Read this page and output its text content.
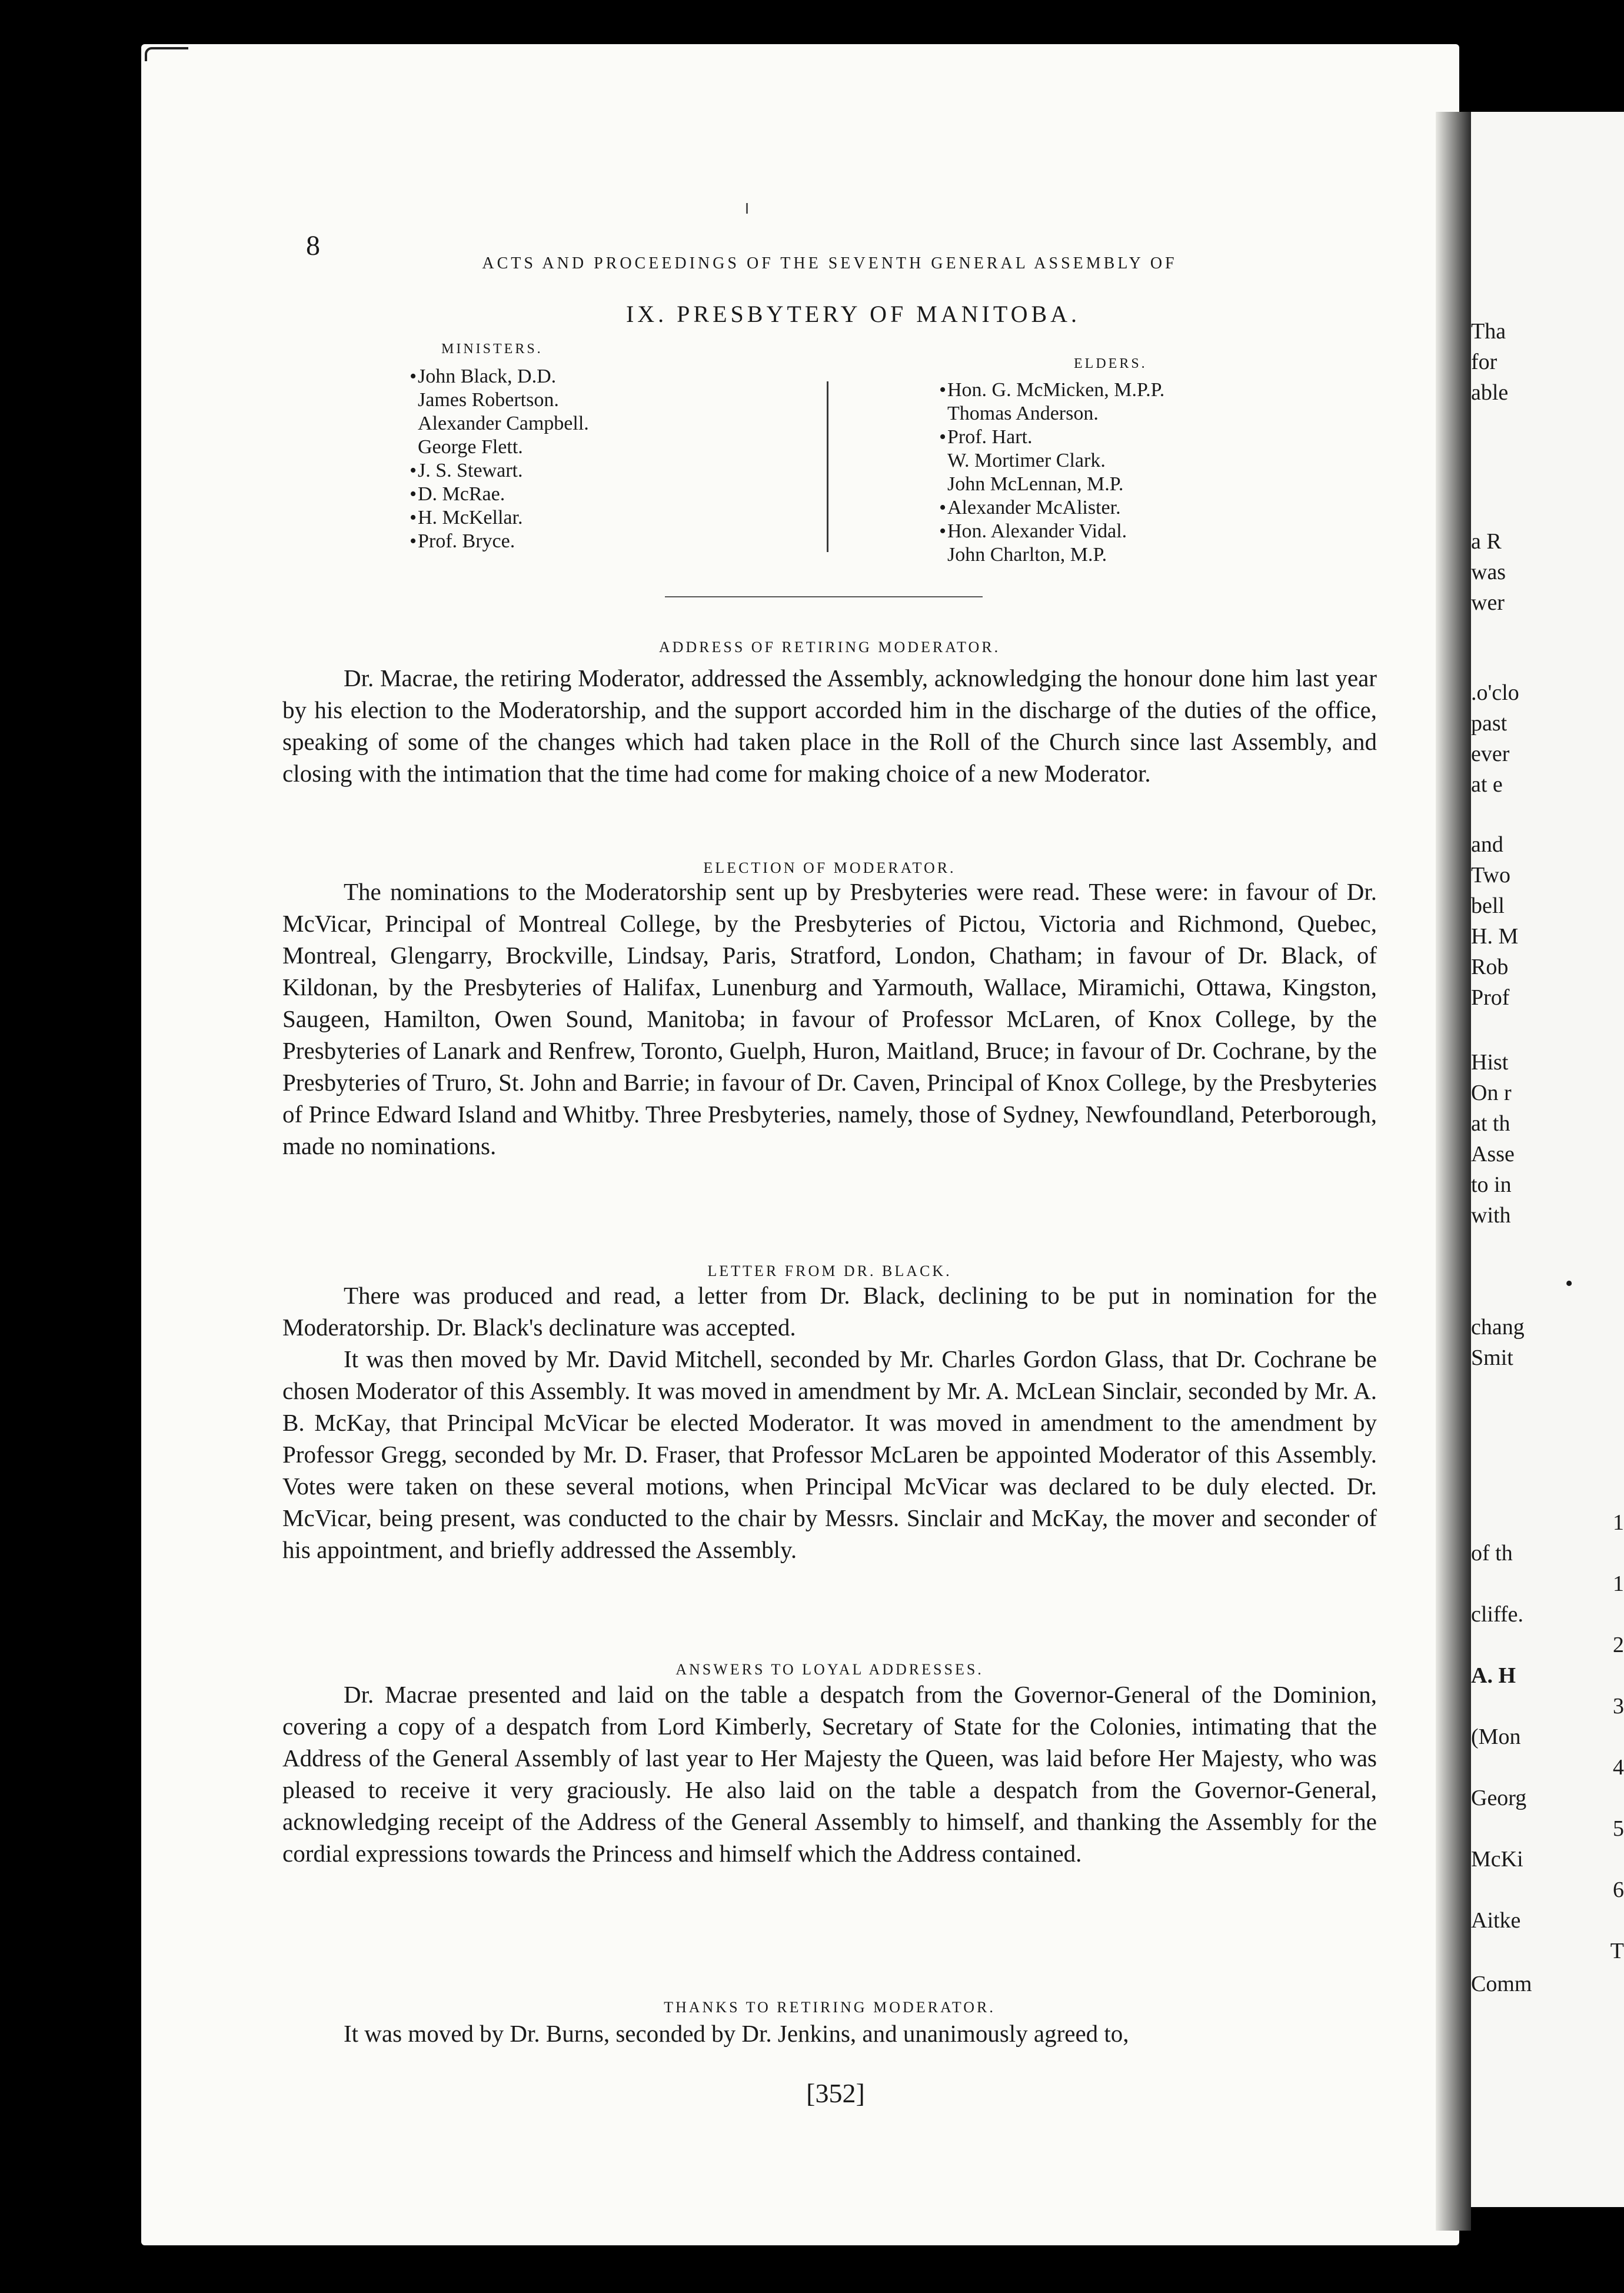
Tha
for
able
a R
was
wer
.o'clo
past
ever
at e
and
Two
bell
H. M
Rob
Prof
Hist
On r
at th
Asse
to in
with
•
chang
Smit
1
of th
1
cliffe.
2
A. H
3
(Mon
4
Georg
5
McKi
6
Aitke
T
Comm
8
ACTS AND PROCEEDINGS OF THE SEVENTH GENERAL ASSEMBLY OF
IX. PRESBYTERY OF MANITOBA.
MINISTERS.
•John Black, D.D.
James Robertson.
Alexander Campbell.
George Flett.
•J. S. Stewart.
•D. McRae.
•H. McKellar.
•Prof. Bryce.
ELDERS.
•Hon. G. McMicken, M.P.P.
Thomas Anderson.
•Prof. Hart.
W. Mortimer Clark.
John McLennan, M.P.
•Alexander McAlister.
•Hon. Alexander Vidal.
John Charlton, M.P.
ADDRESS OF RETIRING MODERATOR.

Dr. Macrae, the retiring Moderator, addressed the Assembly, acknowledging the honour done him last year by his election to the Moderatorship, and the support accorded him in the discharge of the duties of the office, speaking of some of the changes which had taken place in the Roll of the Church since last Assembly, and closing with the intimation that the time had come for making choice of a new Moderator.

ELECTION OF MODERATOR.

The nominations to the Moderatorship sent up by Presbyteries were read. These were: in favour of Dr. McVicar, Principal of Montreal College, by the Presbyteries of Pictou, Victoria and Richmond, Quebec, Montreal, Glengarry, Brockville, Lindsay, Paris, Stratford, London, Chatham; in favour of Dr. Black, of Kildonan, by the Presbyteries of Halifax, Lunenburg and Yarmouth, Wallace, Miramichi, Ottawa, Kingston, Saugeen, Hamilton, Owen Sound, Manitoba; in favour of Professor McLaren, of Knox College, by the Presbyteries of Lanark and Renfrew, Toronto, Guelph, Huron, Maitland, Bruce; in favour of Dr. Cochrane, by the Presbyteries of Truro, St. John and Barrie; in favour of Dr. Caven, Principal of Knox College, by the Presbyteries of Prince Edward Island and Whitby. Three Presbyteries, namely, those of Sydney, Newfoundland, Peterborough, made no nominations.

LETTER FROM DR. BLACK.

There was produced and read, a letter from Dr. Black, declining to be put in nomination for the Moderatorship. Dr. Black's declinature was accepted.

It was then moved by Mr. David Mitchell, seconded by Mr. Charles Gordon Glass, that Dr. Cochrane be chosen Moderator of this Assembly. It was moved in amendment by Mr. A. McLean Sinclair, seconded by Mr. A. B. McKay, that Principal McVicar be elected Moderator. It was moved in amendment to the amendment by Professor Gregg, seconded by Mr. D. Fraser, that Professor McLaren be appointed Moderator of this Assembly. Votes were taken on these several motions, when Principal McVicar was declared to be duly elected. Dr. McVicar, being present, was conducted to the chair by Messrs. Sinclair and McKay, the mover and seconder of his appointment, and briefly addressed the Assembly.

ANSWERS TO LOYAL ADDRESSES.

Dr. Macrae presented and laid on the table a despatch from the Governor-General of the Dominion, covering a copy of a despatch from Lord Kimberly, Secretary of State for the Colonies, intimating that the Address of the General Assembly of last year to Her Majesty the Queen, was laid before Her Majesty, who was pleased to receive it very graciously. He also laid on the table a despatch from the Governor-General, acknowledging receipt of the Address of the General Assembly to himself, and thanking the Assembly for the cordial expressions towards the Princess and himself which the Address contained.

THANKS TO RETIRING MODERATOR.

It was moved by Dr. Burns, seconded by Dr. Jenkins, and unanimously agreed to,

[352]
